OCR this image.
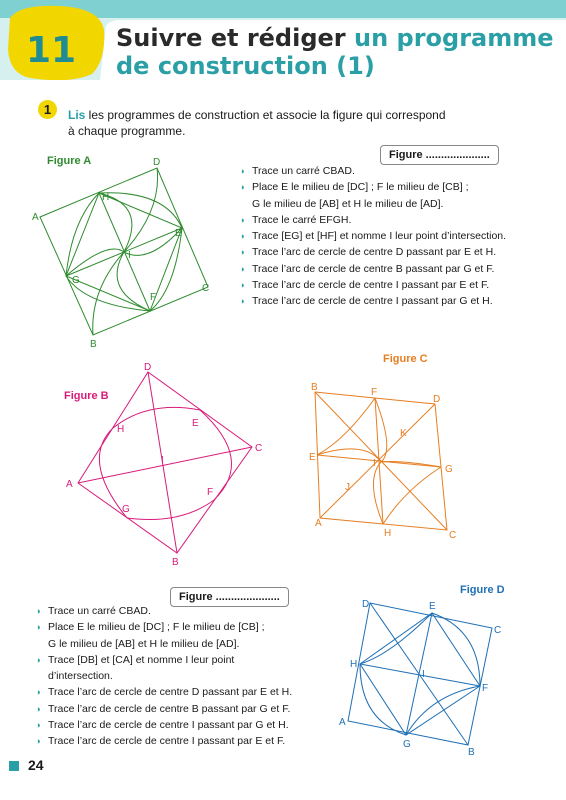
11 Suivre et rédiger un programme
de construction (1)
1	Lis les programmes de construction et associe la figure qui correspond
à chaque programme.
Figure A
A
B
C
D
E
F
G
H
I
Figure .....................
◗ Trace un carré CBAD.
◗ Place E le milieu de [DC] ; F le milieu de [CB] ;
G le milieu de [AB] et H le milieu de [AD].
◗ Trace le carré EFGH.
◗ Trace [EG] et [HF] et nomme I leur point d’intersection.
◗ Trace l’arc de cercle de centre D passant par E et H.
◗ Trace l’arc de cercle de centre B passant par G et F.
◗ Trace l’arc de cercle de centre I passant par E et F.
◗ Trace l’arc de cercle de centre I passant par G et H.
Figure B
D
C
B
A
E
F
G
H
I
Figure C
B
D
C
A
F
G
H
E
I
J
K
Figure .....................
◗ Trace un carré CBAD.
◗ Place E le milieu de [DC] ; F le milieu de [CB] ;
G le milieu de [AB] et H le milieu de [AD].
◗ Trace [DB] et [CA] et nomme I leur point
d’intersection.
◗ Trace l’arc de cercle de centre D passant par E et H.
◗ Trace l’arc de cercle de centre B passant par G et F.
◗ Trace l’arc de cercle de centre I passant par G et H.
◗ Trace l’arc de cercle de centre I passant par E et F.
Figure D
D
C
B
A
E
F
G
H
I
24
